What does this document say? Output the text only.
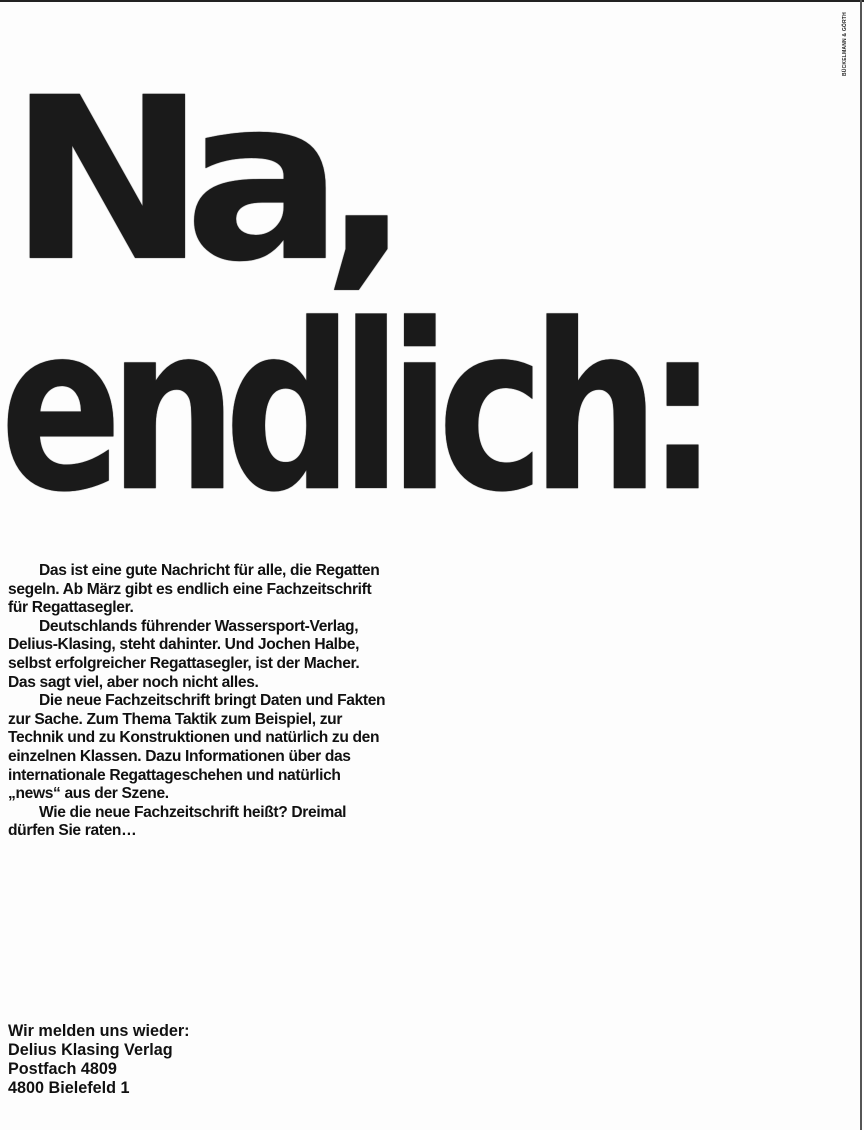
BÜCKELMANN & GÖRTH
Na,
endlich:

Das ist eine gute Nachricht für alle, die Regatten segeln. Ab März gibt es endlich eine Fachzeitschrift für Regattasegler.

Deutschlands führender Wassersport-Verlag, Delius-Klasing, steht dahinter. Und Jochen Halbe, selbst erfolgreicher Regattasegler, ist der Macher. Das sagt viel, aber noch nicht alles.

Die neue Fachzeitschrift bringt Daten und Fakten zur Sache. Zum Thema Taktik zum Beispiel, zur Technik und zu Konstruktionen und natürlich zu den einzelnen Klassen. Dazu Informationen über das internationale Regattageschehen und natürlich „news“ aus der Szene.

Wie die neue Fachzeitschrift heißt? Dreimal dürfen Sie raten…

Wir melden uns wieder:
Delius Klasing Verlag
Postfach 4809
4800 Bielefeld 1
